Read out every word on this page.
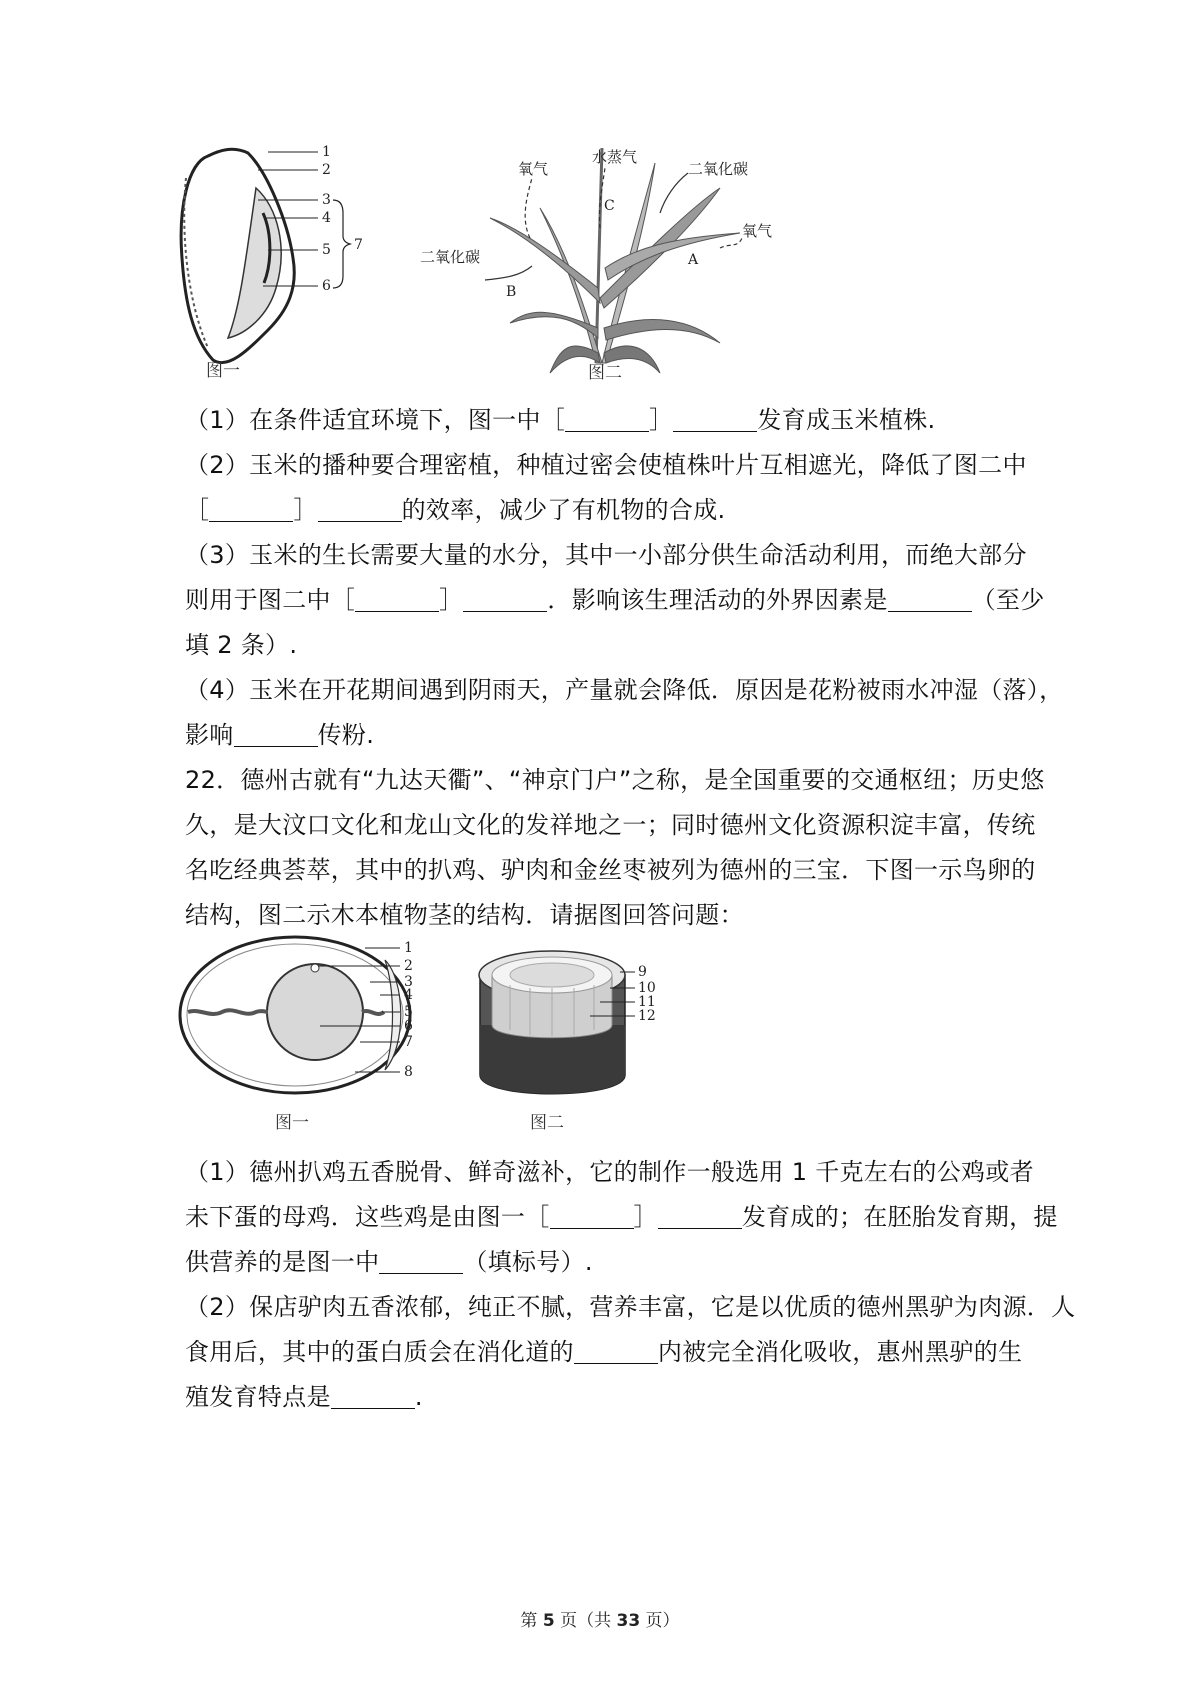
1
2
3
4
5
6
7
图一
氧气
水蒸气
C
二氧化碳
氧气
A
二氧化碳
B
图二
（1）在条件适宜环境下，图一中［	］	发育成玉米植株.
（2）玉米的播种要合理密植，种植过密会使植株叶片互相遮光，降低了图二中
［	］	的效率，减少了有机物的合成.
（3）玉米的生长需要大量的水分，其中一小部分供生命活动利用，而绝大部分
则用于图二中［	］	．影响该生理活动的外界因素是	（至少
填 2 条）.
（4）玉米在开花期间遇到阴雨天，产量就会降低．原因是花粉被雨水冲湿（落），
影响	传粉.
22．德州古就有“九达天衢”、“神京门户”之称，是全国重要的交通枢纽；历史悠
久，是大汶口文化和龙山文化的发祥地之一；同时德州文化资源积淀丰富，传统
名吃经典荟萃，其中的扒鸡、驴肉和金丝枣被列为德州的三宝．下图一示鸟卵的
结构，图二示木本植物茎的结构．请据图回答问题：
1
2
3
4
5
6
7
8
图一
9
10
11
12
图二
（1）德州扒鸡五香脱骨、鲜奇滋补，它的制作一般选用 1 千克左右的公鸡或者
未下蛋的母鸡．这些鸡是由图一［	］	发育成的；在胚胎发育期，提
供营养的是图一中	（填标号）.
（2）保店驴肉五香浓郁，纯正不腻，营养丰富，它是以优质的德州黑驴为肉源．人
食用后，其中的蛋白质会在消化道的	内被完全消化吸收，惠州黑驴的生
殖发育特点是	.
第 5 页（共 33 页）
